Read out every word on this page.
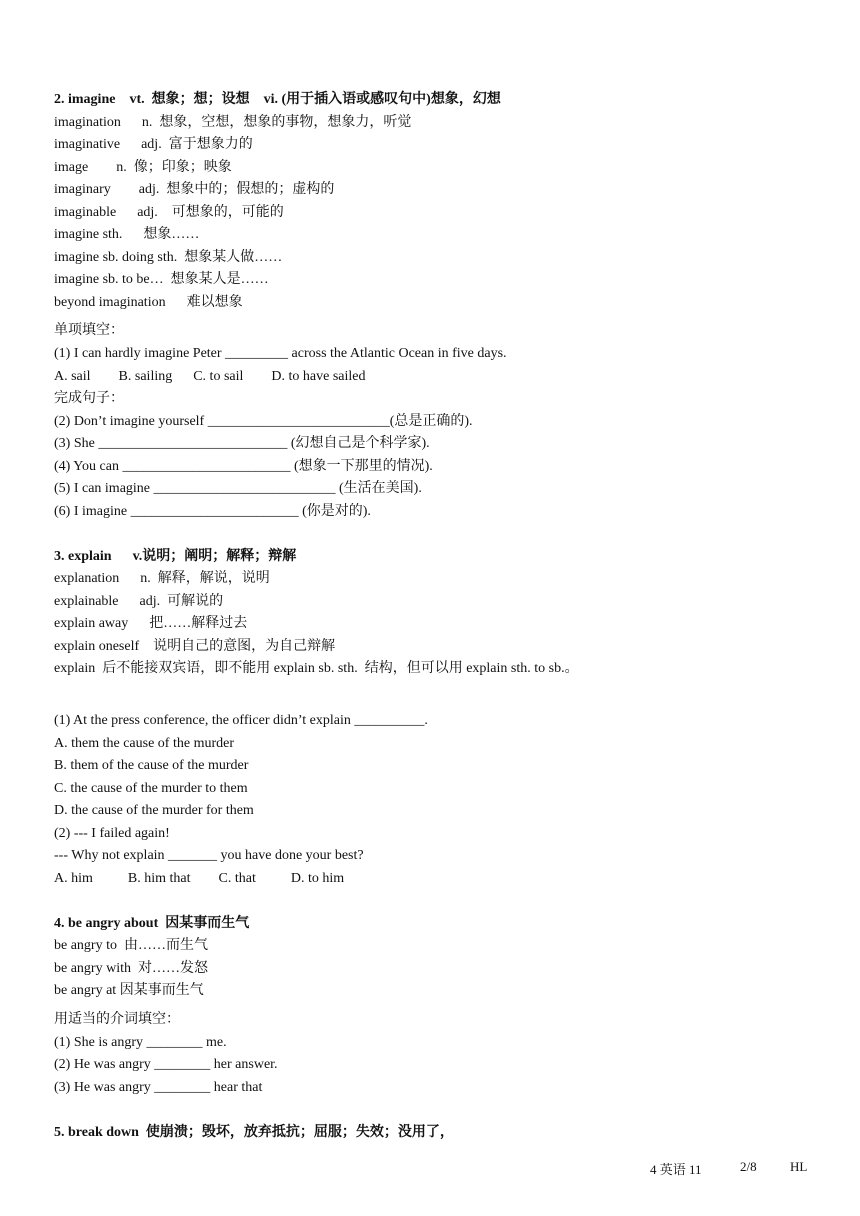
2. imagine    vt.  想象；想；设想    vi. (用于插入语或感叹句中)想象，幻想
imagination      n.  想象，空想，想象的事物，想象力，听觉
imaginative      adj.  富于想象力的
image        n.  像；印象；映象
imaginary        adj.  想象中的；假想的；虚构的
imaginable      adj.    可想象的，可能的
imagine sth.      想象……
imagine sb. doing sth.  想象某人做……
imagine sb. to be…  想象某人是……
beyond imagination      难以想象
单项填空：
(1) I can hardly imagine Peter _________ across the Atlantic Ocean in five days.
A. sail        B. sailing      C. to sail        D. to have sailed
完成句子：
(2) Don’t imagine yourself __________________________(总是正确的).
(3) She ___________________________ (幻想自己是个科学家).
(4) You can ________________________ (想象一下那里的情况).
(5) I can imagine __________________________ (生活在美国).
(6) I imagine ________________________ (你是对的).
3. explain      v.说明；阐明；解释；辩解
explanation      n.  解释，解说，说明
explainable      adj.  可解说的
explain away      把……解释过去
explain oneself    说明自己的意图，为自己辩解
explain  后不能接双宾语，即不能用 explain sb. sth.  结构，但可以用 explain sth. to sb.。
(1) At the press conference, the officer didn’t explain __________.
A. them the cause of the murder
B. them of the cause of the murder
C. the cause of the murder to them
D. the cause of the murder for them
(2) --- I failed again!
--- Why not explain _______ you have done your best?
A. him          B. him that        C. that          D. to him
4. be angry about  因某事而生气
be angry to  由……而生气
be angry with  对……发怒
be angry at 因某事而生气
用适当的介词填空：
(1) She is angry ________ me.
(2) He was angry ________ her answer.
(3) He was angry ________ hear that
5. break down  使崩溃；毁坏，放弃抵抗；屈服；失效；没用了，
4 英语 11	2/8	HL
